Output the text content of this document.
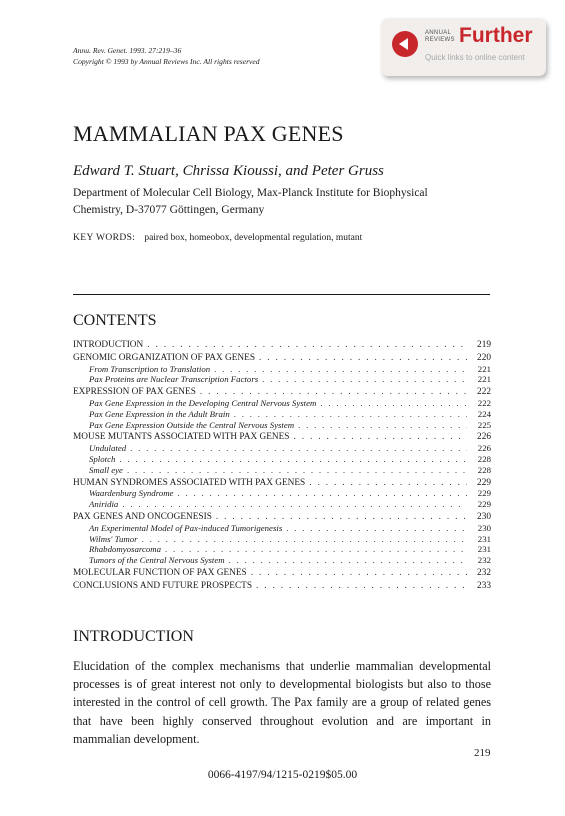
Annu. Rev. Genet. 1993. 27:219–36
Copyright © 1993 by Annual Reviews Inc. All rights reserved
ANNUAL
REVIEWS Further
Quick links to online content
MAMMALIAN PAX GENES
Edward T. Stuart, Chrissa Kioussi, and Peter Gruss
Department of Molecular Cell Biology, Max-Planck Institute for Biophysical
Chemistry, D-37077 Göttingen, Germany
KEY WORDS: paired box, homeobox, developmental regulation, mutant
CONTENTS
INTRODUCTION . . .	219
GENOMIC ORGANIZATION OF PAX GENES . . .	220
From Transcription to Translation . . .	221
Pax Proteins are Nuclear Transcription Factors . . .	221
EXPRESSION OF PAX GENES . . .	222
Pax Gene Expression in the Developing Central Nervous System . . .	222
Pax Gene Expression in the Adult Brain . . .	224
Pax Gene Expression Outside the Central Nervous System . . .	225
MOUSE MUTANTS ASSOCIATED WITH PAX GENES . . .	226
Undulated . . .	226
Splotch . . .	228
Small eye . . .	228
HUMAN SYNDROMES ASSOCIATED WITH PAX GENES . . .	229
Waardenburg Syndrome . . .	229
Aniridia . . .	229
PAX GENES AND ONCOGENESIS . . .	230
An Experimental Model of Pax-induced Tumorigenesis . . .	230
Wilms' Tumor . . .	231
Rhabdomyosarcoma . . .	231
Tumors of the Central Nervous System . . .	232
MOLECULAR FUNCTION OF PAX GENES . . .	232
CONCLUSIONS AND FUTURE PROSPECTS . . .	233
INTRODUCTION
Elucidation of the complex mechanisms that underlie mammalian developmental processes is of great interest not only to developmental biologists but also to those interested in the control of cell growth. The Pax family are a group of related genes that have been highly conserved throughout evolution and are important in mammalian development.
219
0066-4197/94/1215-0219$05.00
